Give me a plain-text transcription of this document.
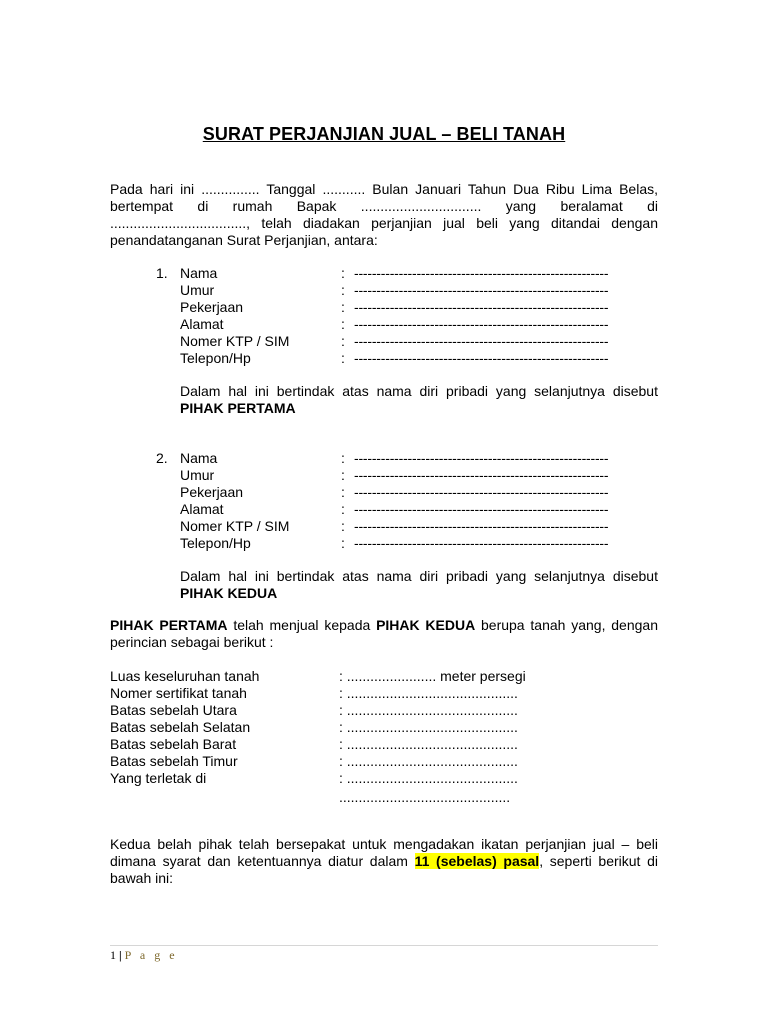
SURAT PERJANJIAN JUAL – BELI TANAH
Pada hari ini ............... Tanggal ........... Bulan Januari Tahun Dua Ribu Lima Belas, bertempat di rumah Bapak ............................... yang beralamat di ..................................., telah diadakan perjanjian jual beli yang ditandai dengan penandatanganan Surat Perjanjian, antara:
1. Nama	: ---------------------------------------------------------
Umur	: ---------------------------------------------------------
Pekerjaan	: ---------------------------------------------------------
Alamat	: ---------------------------------------------------------
Nomer KTP / SIM	: ---------------------------------------------------------
Telepon/Hp	: ---------------------------------------------------------
Dalam hal ini bertindak atas nama diri pribadi yang selanjutnya disebut PIHAK PERTAMA
2. Nama	: ---------------------------------------------------------
Umur	: ---------------------------------------------------------
Pekerjaan	: ---------------------------------------------------------
Alamat	: ---------------------------------------------------------
Nomer KTP / SIM	: ---------------------------------------------------------
Telepon/Hp	: ---------------------------------------------------------
Dalam hal ini bertindak atas nama diri pribadi yang selanjutnya disebut PIHAK KEDUA
PIHAK PERTAMA telah menjual kepada PIHAK KEDUA berupa tanah yang, dengan perincian sebagai berikut :
Luas keseluruhan tanah	: ....................... meter persegi
Nomer sertifikat tanah	: ............................................
Batas sebelah Utara	: ............................................
Batas sebelah Selatan	: ............................................
Batas sebelah Barat	: ............................................
Batas sebelah Timur	: ............................................
Yang terletak di	: ............................................
............................................
Kedua belah pihak telah bersepakat untuk mengadakan ikatan perjanjian jual – beli dimana syarat dan ketentuannya diatur dalam 11 (sebelas) pasal, seperti berikut di bawah ini:
1 | P a g e
